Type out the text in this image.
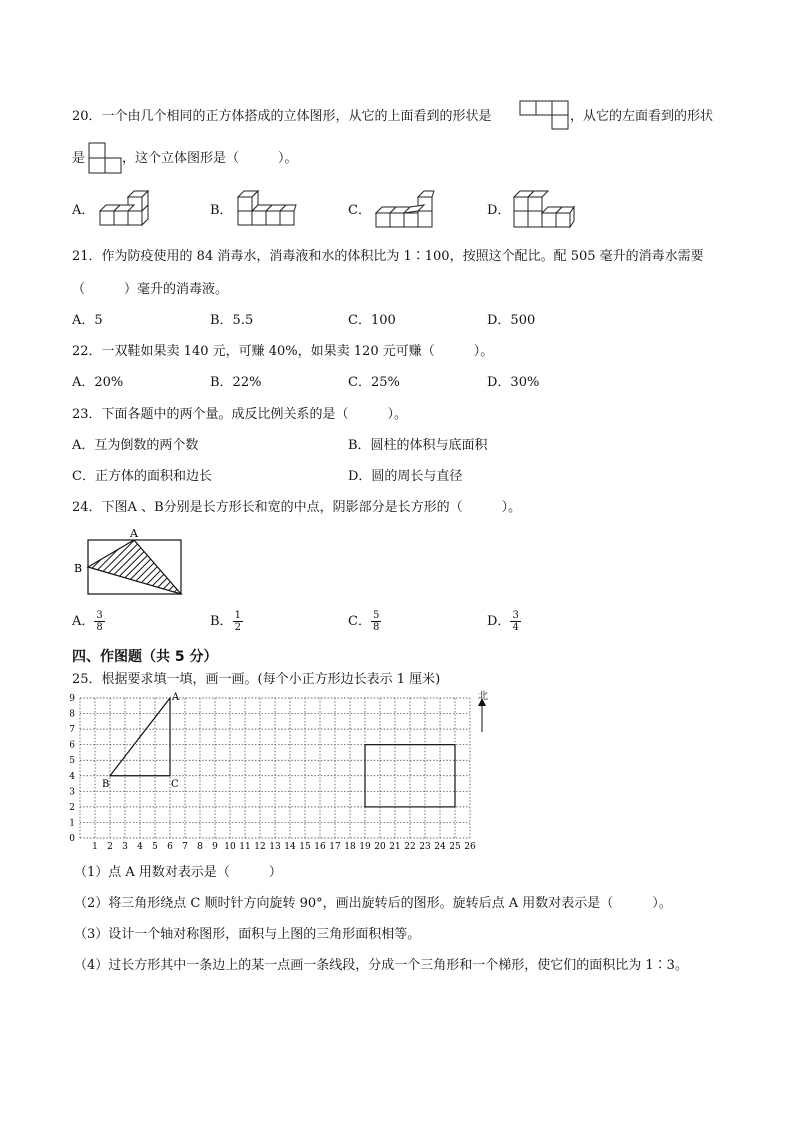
20．一个由几个相同的正方体搭成的立体图形，从它的上面看到的形状是	，从它的左面看到的形状
是	，这个立体图形是（　　　）。
A．	B．	C．	D．
21．作为防疫使用的 84 消毒水，消毒液和水的体积比为 1∶100，按照这个配比。配 505 毫升的消毒水需要
（　　　）毫升的消毒液。
A．5	B．5.5	C．100	D．500
22．一双鞋如果卖 140 元，可赚 40%，如果卖 120 元可赚（　　　）。
A．20%	B．22%	C．25%	D．30%
23．下面各题中的两个量。成反比例关系的是（　　　）。
A．互为倒数的两个数	B．圆柱的体积与底面积
C．正方体的面积和边长	D．圆的周长与直径
24．下图A 、B分别是长方形长和宽的中点，阴影部分是长方形的（　　　）。
A
B
A． $\frac{3}{8}$	B． $\frac{1}{2}$	C． $\frac{5}{8}$	D． $\frac{3}{4}$
四、作图题（共 5 分）
25．根据要求填一填，画一画。(每个小正方形边长表示 1 厘米)
1 2 3 4 5 6 7 8 9 10 11 12 13 14 15 16 17 18 19 20 21 22 23 24 25 26
0
1
2
3
4
5
6
7
8
9	A
B	C
北
（1）点 A 用数对表示是（　　　）
（2）将三角形绕点 C 顺时针方向旋转 90°，画出旋转后的图形。旋转后点 A 用数对表示是（　　　）。
（3）设计一个轴对称图形，面积与上图的三角形面积相等。
（4）过长方形其中一条边上的某一点画一条线段，分成一个三角形和一个梯形，使它们的面积比为 1∶3。
